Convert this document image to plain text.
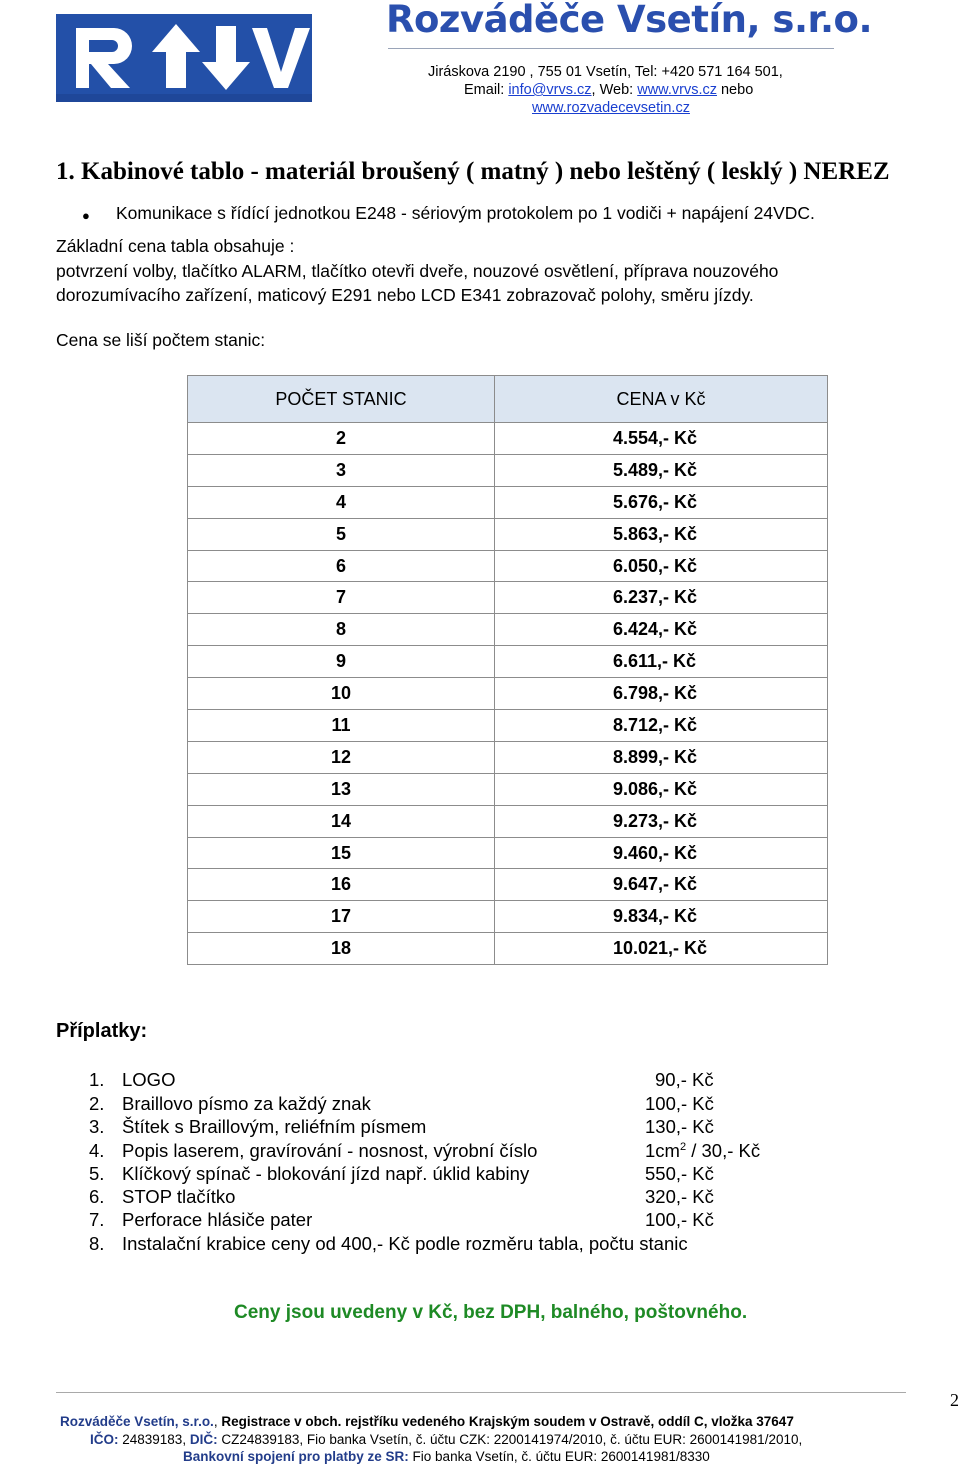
Rozváděče Vsetín, s.r.o.
Jiráskova 2190 , 755 01 Vsetín, Tel: +420 571 164 501,
Email: info@vrvs.cz, Web: www.vrvs.cz nebo
www.rozvadecevsetin.cz
1. Kabinové tablo - materiál broušený ( matný ) nebo leštěný ( lesklý ) NEREZ
● Komunikace s řídící jednotkou E248 - sériovým protokolem po 1 vodiči + napájení 24VDC.
Základní cena tabla obsahuje :
potvrzení volby, tlačítko ALARM, tlačítko otevři dveře, nouzové osvětlení, příprava nouzového
dorozumívacího zařízení, maticový E291 nebo LCD E341 zobrazovač polohy, směru jízdy.
Cena se liší počtem stanic:
POČET STANIC	CENA v Kč
2	4.554,- Kč
3	5.489,- Kč
4	5.676,- Kč
5	5.863,- Kč
6	6.050,- Kč
7	6.237,- Kč
8	6.424,- Kč
9	6.611,- Kč
10	6.798,- Kč
11	8.712,- Kč
12	8.899,- Kč
13	9.086,- Kč
14	9.273,- Kč
15	9.460,- Kč
16	9.647,- Kč
17	9.834,- Kč
18	10.021,- Kč
Příplatky:
1. LOGO	90,- Kč
2. Braillovo písmo za každý znak	100,- Kč
3. Štítek s Braillovým, reliéfním písmem	130,- Kč
4. Popis laserem, gravírování - nosnost, výrobní číslo	$1cm^2 / 30,-$ Kč
5. Klíčkový spínač - blokování jízd např. úklid kabiny	550,- Kč
6. STOP tlačítko	320,- Kč
7. Perforace hlásiče pater	100,- Kč
8. Instalační krabice ceny od 400,- Kč podle rozměru tabla, počtu stanic
Ceny jsou uvedeny v Kč, bez DPH, balného, poštovného.
2
Rozváděče Vsetín, s.r.o., Registrace v obch. rejstříku vedeného Krajským soudem v Ostravě, oddíl C, vložka 37647
IČO: 24839183, DIČ: CZ24839183, Fio banka Vsetín, č. účtu CZK: 2200141974/2010, č. účtu EUR: 2600141981/2010,
Bankovní spojení pro platby ze SR: Fio banka Vsetín, č. účtu EUR: 2600141981/8330
